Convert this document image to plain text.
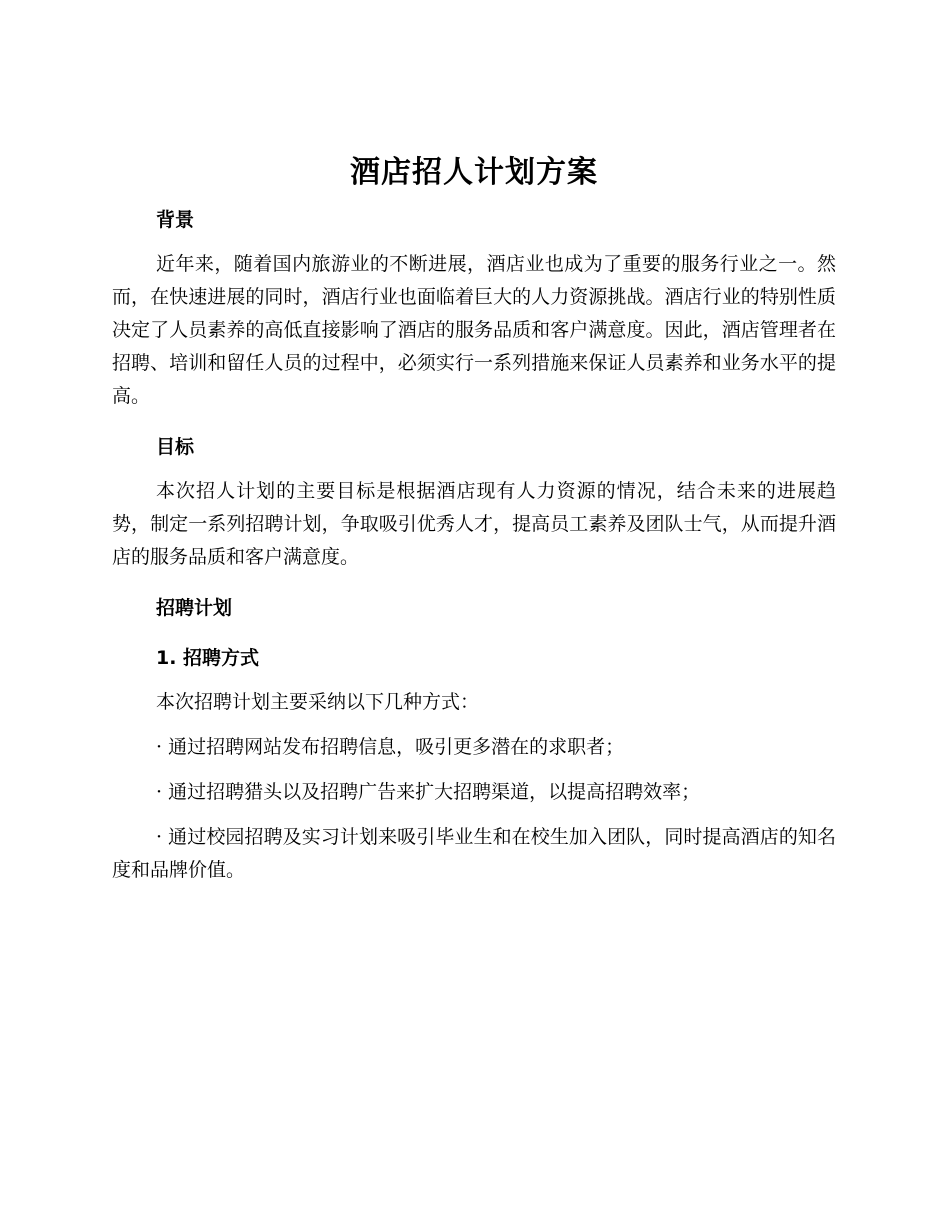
酒店招人计划方案
背景

近年来，随着国内旅游业的不断进展，酒店业也成为了重要的服务行业之一。然而，在快速进展的同时，酒店行业也面临着巨大的人力资源挑战。酒店行业的特别性质决定了人员素养的高低直接影响了酒店的服务品质和客户满意度。因此，酒店管理者在招聘、培训和留任人员的过程中，必须实行一系列措施来保证人员素养和业务水平的提高。

目标

本次招人计划的主要目标是根据酒店现有人力资源的情况，结合未来的进展趋势，制定一系列招聘计划，争取吸引优秀人才，提高员工素养及团队士气，从而提升酒店的服务品质和客户满意度。

招聘计划
1. 招聘方式

本次招聘计划主要采纳以下几种方式：

· 通过招聘网站发布招聘信息，吸引更多潜在的求职者；

· 通过招聘猎头以及招聘广告来扩大招聘渠道，以提高招聘效率；

· 通过校园招聘及实习计划来吸引毕业生和在校生加入团队，同时提高酒店的知名度和品牌价值。
